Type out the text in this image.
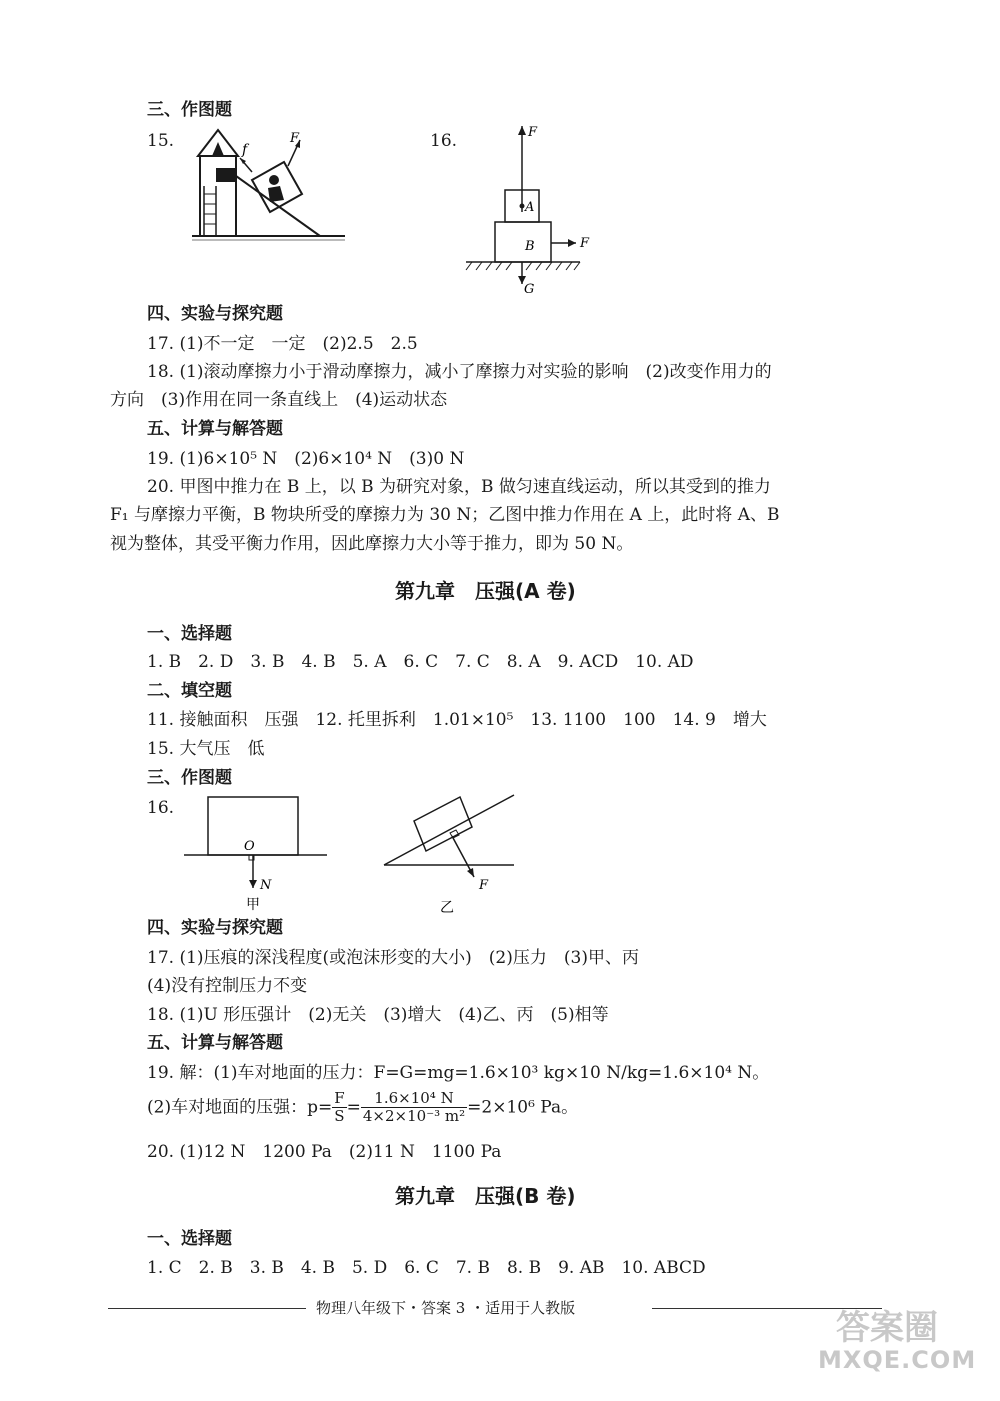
三、作图题
15.	f
F	16.	F
A
B	F
G
四、实验与探究题
17. (1)不一定　一定　(2)2.5　2.5
18. (1)滚动摩擦力小于滑动摩擦力，减小了摩擦力对实验的影响　(2)改变作用力的
方向　(3)作用在同一条直线上　(4)运动状态
五、计算与解答题
19. (1)6×10⁵ N　(2)6×10⁴ N　(3)0 N
20. 甲图中推力在 B 上，以 B 为研究对象，B 做匀速直线运动，所以其受到的推力
F₁ 与摩擦力平衡，B 物块所受的摩擦力为 30 N；乙图中推力作用在 A 上，此时将 A、B
视为整体，其受平衡力作用，因此摩擦力大小等于推力，即为 50 N。
第九章　压强(A 卷)
一、选择题
1. B　2. D　3. B　4. B　5. A　6. C　7. C　8. A　9. ACD　10. AD
二、填空题
11. 接触面积　压强　12. 托里拆利　1.01×10⁵　13. 1100　100　14. 9　增大
15. 大气压　低
三、作图题
16.
O
N
甲
F
乙
四、实验与探究题
17. (1)压痕的深浅程度(或泡沫形变的大小)　(2)压力　(3)甲、丙
(4)没有控制压力不变
18. (1)U 形压强计　(2)无关　(3)增大　(4)乙、丙　(5)相等
五、计算与解答题
19. 解：(1)车对地面的压力：F=G=mg=1.6×10³ kg×10 N/kg=1.6×10⁴ N。
(2)车对地面的压强：$p= \frac{F}{S} = \frac{\text{1.6×10⁴ N}}{\text{4×2×10⁻³ m²}} =2\times 10^6$ Pa。
20. (1)12 N　1200 Pa　(2)11 N　1100 Pa
第九章　压强(B 卷)
一、选择题
1. C　2. B　3. B　4. B　5. D　6. C　7. B　8. B　9. AB　10. ABCD
物理八年级下・答案 3 ・适用于人教版	答案圈
MXQE.COM
